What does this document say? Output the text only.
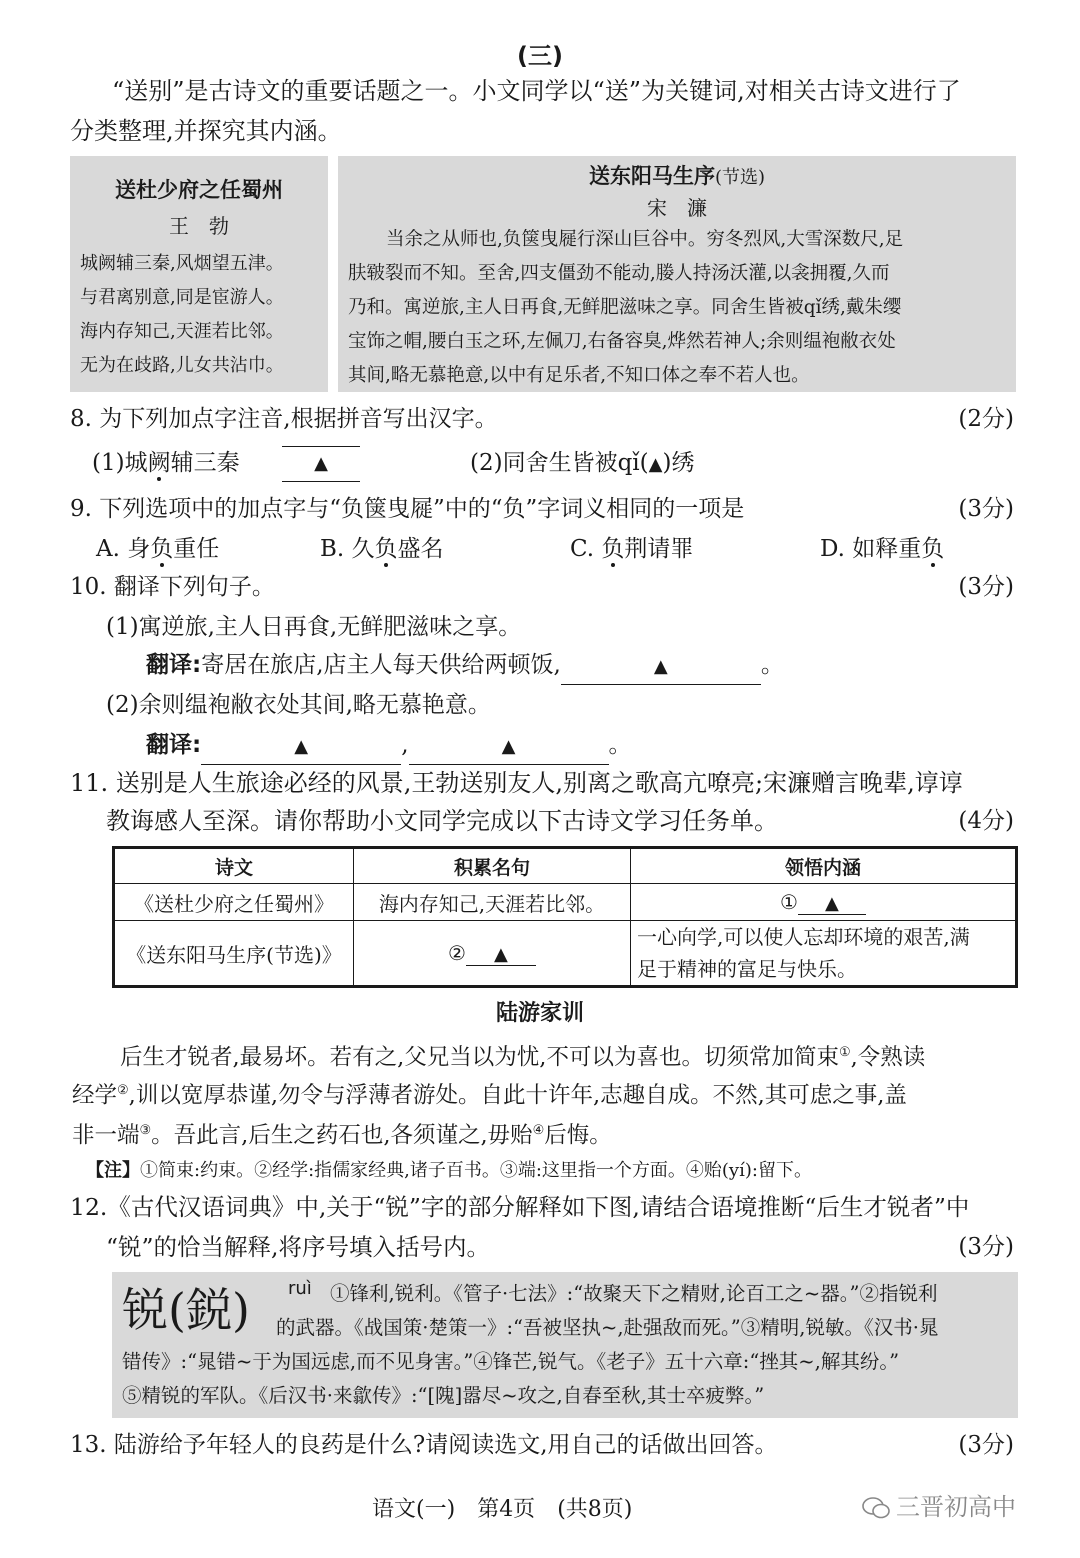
(三)
“送别”是古诗文的重要话题之一。小文同学以“送”为关键词,对相关古诗文进行了
分类整理,并探究其内涵。
送杜少府之任蜀州
王　勃
城阙辅三秦,风烟望五津。
与君离别意,同是宦游人。
海内存知己,天涯若比邻。
无为在歧路,儿女共沾巾。
送东阳马生序(节选)
宋　濂
当余之从师也,负箧曳屣行深山巨谷中。穷冬烈风,大雪深数尺,足
肤皲裂而不知。至舍,四支僵劲不能动,媵人持汤沃灌,以衾拥覆,久而
乃和。寓逆旅,主人日再食,无鲜肥滋味之享。同舍生皆被qǐ绣,戴朱缨
宝饰之帽,腰白玉之环,左佩刀,右备容臭,烨然若神人;余则缊袍敝衣处
其间,略无慕艳意,以中有足乐者,不知口体之奉不若人也。
8. 为下列加点字注音,根据拼音写出汉字。	(2分)
(1)城阙辅三秦	▲	(2)同舍生皆被qǐ(▲)绣
9. 下列选项中的加点字与“负箧曳屣”中的“负”字词义相同的一项是	(3分)
A. 身负重任	B. 久负盛名	C. 负荆请罪	D. 如释重负
10. 翻译下列句子。	(3分)
(1)寓逆旅,主人日再食,无鲜肥滋味之享。
翻译:寄居在旅店,店主人每天供给两顿饭,	▲	。
(2)余则缊袍敝衣处其间,略无慕艳意。
翻译:	▲	,	▲	。
11. 送别是人生旅途必经的风景,王勃送别友人,别离之歌高亢嘹亮;宋濂赠言晚辈,谆谆
教诲感人至深。请你帮助小文同学完成以下古诗文学习任务单。	(4分)
诗文	积累名句	领悟内涵
《送杜少府之任蜀州》	海内存知己,天涯若比邻。	① ▲
《送东阳马生序(节选)》	② ▲	一心向学,可以使人忘却环境的艰苦,满
足于精神的富足与快乐。
陆游家训
后生才锐者,最易坏。若有之,父兄当以为忧,不可以为喜也。切须常加简束①,令熟读
经学②,训以宽厚恭谨,勿令与浮薄者游处。自此十许年,志趣自成。不然,其可虑之事,盖
非一端③。吾此言,后生之药石也,各须谨之,毋贻④后悔。
【注】①简束:约束。②经学:指儒家经典,诸子百书。③端:这里指一个方面。④贻(yí):留下。
12.《古代汉语词典》中,关于“锐”字的部分解释如下图,请结合语境推断“后生才锐者”中
“锐”的恰当解释,将序号填入括号内。	(3分)
锐(鋭) ruì ①锋利,锐利。《管子·七法》:“故聚天下之精财,论百工之~器。”②指锐利
的武器。《战国策·楚策一》:“吾被坚执~,赴强敌而死。”③精明,锐敏。《汉书·晁
错传》:“晁错~于为国远虑,而不见身害。”④锋芒,锐气。《老子》五十六章:“挫其~,解其纷。”
⑤精锐的军队。《后汉书·来歙传》:“[隗]嚣尽~攻之,自春至秋,其士卒疲弊。”
13. 陆游给予年轻人的良药是什么?请阅读选文,用自己的话做出回答。	(3分)
语文(一)　 第4页　 (共8页)	三晋初高中
